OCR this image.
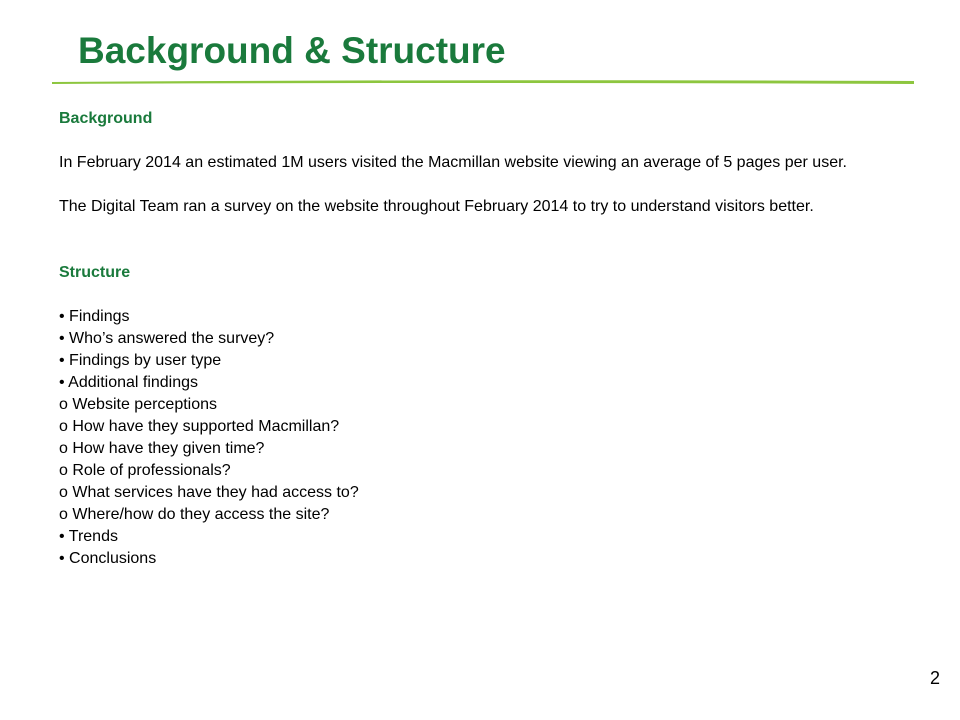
Background & Structure

Background

In February 2014 an estimated 1M users visited the Macmillan website viewing an average of 5 pages per user.

The Digital Team ran a survey on the website throughout February 2014 to try to understand visitors better.

Structure

• Findings
• Who’s answered the survey?
• Findings by user type
• Additional findings
o Website perceptions
o How have they supported Macmillan?
o How have they given time?
o Role of professionals?
o What services have they had access to?
o Where/how do they access the site?
• Trends
• Conclusions
2
